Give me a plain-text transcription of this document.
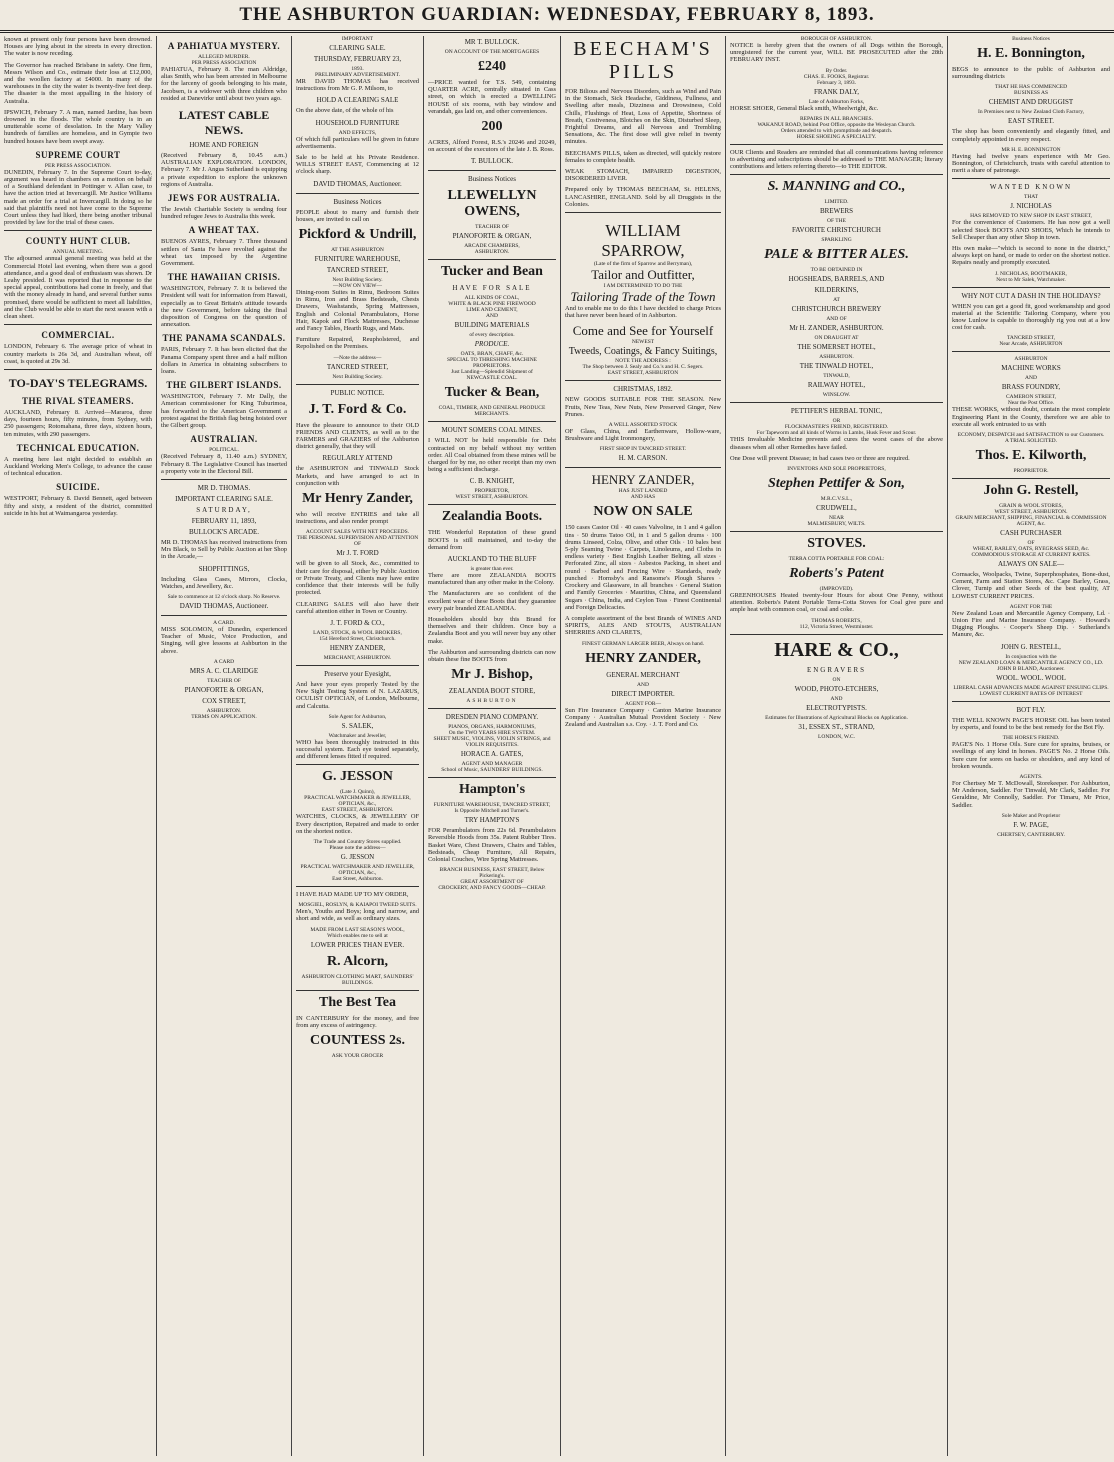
THE ASHBURTON GUARDIAN: WEDNESDAY, FEBRUARY 8, 1893.

known at present only four persons have been drowned. Houses are lying about in the streets in every direction. The water is now receding.

The Governor has reached Brisbane in safety. One firm, Messrs Wilson and Co., estimate their loss at £12,000, and the woollen factory at £4000. In many of the warehouses in the city the water is twenty-five feet deep. The disaster is the most appalling in the history of Australia.

IPSWICH, February 7. A man, named Jardine, has been drowned in the floods. The whole country is in an unutterable scene of desolation. In the Mary Valley hundreds of families are homeless, and in Gympie two hundred houses have been swept away.

SUPREME COURT
PER PRESS ASSOCIATION.

DUNEDIN, February 7. In the Supreme Court to-day, argument was heard in chambers on a motion on behalf of a Southland defendant in Pottinger v. Allan case, to have the action tried at Invercargill. Mr Justice Williams made an order for a trial at Invercargill. In doing so he said that plaintiffs need not have come to the Supreme Court unless they had liked, there being another tribunal provided by law for the trial of these cases.

COUNTY HUNT CLUB.
ANNUAL MEETING.

The adjourned annual general meeting was held at the Commercial Hotel last evening, when there was a good attendance, and a good deal of enthusiasm was shown. Dr Leahy presided. It was reported that in response to the special appeal, contributions had come in freely, and that with the money already in hand, and several further sums promised, there would be sufficient to meet all liabilities, and the Club would be able to start the next season with a clean sheet.

COMMERCIAL.

LONDON, February 6. The average price of wheat in country markets is 26s 3d, and Australian wheat, off coast, is quoted at 29s 3d.

TO-DAY'S TELEGRAMS.
THE RIVAL STEAMERS.

AUCKLAND, February 8. Arrived—Mararoa, three days, fourteen hours, fifty minutes, from Sydney, with 250 passengers; Rotomahana, three days, sixteen hours, ten minutes, with 290 passengers.

TECHNICAL EDUCATION.

A meeting here last night decided to establish an Auckland Working Men's College, to advance the cause of technical education.

SUICIDE.

WESTPORT, February 8. David Bennett, aged between fifty and sixty, a resident of the district, committed suicide in his hut at Waimangaroa yesterday.

A PAHIATUA MYSTERY.
ALLEGED MURDER.
PER PRESS ASSOCIATION

PAHIATUA, February 8. The man Aldridge, alias Smith, who has been arrested in Melbourne for the larceny of goods belonging to his mate, Jacobsen, is a widower with three children who resided at Danevirke until about two years ago.

LATEST CABLE NEWS.
HOME AND FOREIGN

(Received February 8, 10.45 a.m.) AUSTRALIAN EXPLORATION. LONDON, February 7. Mr J. Angus Sutherland is equipping a private expedition to explore the unknown regions of Australia.

JEWS FOR AUSTRALIA.

The Jewish Charitable Society is sending four hundred refugee Jews to Australia this week.

A WHEAT TAX.

BUENOS AYRES, February 7. Three thousand settlers of Santa Fe have revolted against the wheat tax imposed by the Argentine Government.

THE HAWAIIAN CRISIS.

WASHINGTON, February 7. It is believed the President will wait for information from Hawaii, especially as to Great Britain's attitude towards the new Government, before taking the final disposition of Congress on the question of annexation.

THE PANAMA SCANDALS.

PARIS, February 7. It has been elicited that the Panama Company spent three and a half million dollars in America in obtaining subscribers to loans.

THE GILBERT ISLANDS.

WASHINGTON, February 7. Mr Dally, the American commissioner for King Tuburimoa, has forwarded to the American Government a protest against the British flag being hoisted over the Gilbert group.

AUSTRALIAN.
POLITICAL.

(Received February 8, 11.40 a.m.) SYDNEY, February 8. The Legislative Council has inserted a property vote in the Electoral Bill.

MR D. THOMAS.
IMPORTANT CLEARING SALE.
SATURDAY,
FEBRUARY 11, 1893,
BULLOCK'S ARCADE.

MR D. THOMAS has received instructions from Mrs Black, to Sell by Public Auction at her Shop in the Arcade,—

SHOPFITTINGS,

Including Glass Cases, Mirrors, Clocks, Watches, and Jewellery, &c.

Sale to commence at 12 o'clock sharp. No Reserve.
DAVID THOMAS, Auctioneer.
A CARD.

MISS SOLOMON, of Dunedin, experienced Teacher of Music, Voice Production, and Singing, will give lessons at Ashburton in the above.

A CARD
MRS A. C. CLARIDGE
TEACHER OF
PIANOFORTE & ORGAN,
COX STREET,
ASHBURTON.
TERMS ON APPLICATION.
IMPORTANT
CLEARING SALE.
THURSDAY, FEBRUARY 23,
1893.
PRELIMINARY ADVERTISEMENT.

MR DAVID THOMAS has received instructions from Mr G. P. Milsom, to

HOLD A CLEARING SALE

On the above date, of the whole of his

HOUSEHOLD FURNITURE
AND EFFECTS,

Of which full particulars will be given in future advertisements.

Sale to be held at his Private Residence. WILLS STREET EAST, Commencing at 12 o'clock sharp.

DAVID THOMAS, Auctioneer.
Business Notices

PEOPLE about to marry and furnish their houses, are invited to call on

Pickford & Undrill,
AT THE ASHBURTON
FURNITURE WAREHOUSE,
TANCRED STREET,
Next Building Society.
—NOW ON VIEW—

Dining-room Suites in Rimu, Bedroom Suites in Rimu, Iron and Brass Bedsteads, Chests Drawers, Washstands, Spring Mattresses, English and Colonial Perambulators, Horse Hair, Kapok and Flock Mattresses, Duchesse and Fancy Tables, Hearth Rugs, and Mats.

Furniture Repaired, Reupholstered, and Repolished on the Premises.

—Note the address—
TANCRED STREET,
Next Building Society.
PUBLIC NOTICE.
J. T. Ford & Co.

Have the pleasure to announce to their OLD FRIENDS AND CLIENTS, as well as to the FARMERS and GRAZIERS of the Ashburton district generally, that they will

REGULARLY ATTEND

the ASHBURTON and TINWALD Stock Markets, and have arranged to act in conjunction with

Mr Henry Zander,

who will receive ENTRIES and take all instructions, and also render prompt

ACCOUNT SALES WITH NET PROCEEDS.
THE PERSONAL SUPERVISION AND ATTENTION OF
Mr J. T. FORD

will be given to all Stock, &c., committed to their care for disposal, either by Public Auction or Private Treaty, and Clients may have entire confidence that their interests will be fully protected.

CLEARING SALES will also have their careful attention either in Town or Country.

J. T. FORD & CO.,
LAND, STOCK, & WOOL BROKERS,
154 Hereford Street, Christchurch.
HENRY ZANDER,
MERCHANT, ASHBURTON.
Preserve your Eyesight,

And have your eyes properly Tested by the New Sight Testing System of N. LAZARUS, OCULIST OPTICIAN, of London, Melbourne, and Calcutta.

Sole Agent for Ashburton,
S. SALEK,
Watchmaker and Jeweller,

WHO has been thoroughly instructed in this successful system. Each eye tested separately, and different lenses fitted if required.

G. JESSON
(Late J. Quinn),
PRACTICAL WATCHMAKER & JEWELLER, OPTICIAN, &c.,
EAST STREET, ASHBURTON.

WATCHES, CLOCKS, & JEWELLERY OF Every description, Repaired and made to order on the shortest notice.

The Trade and Country Stores supplied.
Please note the address—
G. JESSON
PRACTICAL WATCHMAKER AND JEWELLER, OPTICIAN, &c.,
East Street, Ashburton.

I HAVE HAD MADE UP TO MY ORDER,

MOSGIEL, ROSLYN, & KAIAPOI TWEED SUITS.

Men's, Youths and Boys; long and narrow, and short and wide, as well as ordinary sizes.

MADE FROM LAST SEASON'S WOOL,
Which enables me to sell at
LOWER PRICES THAN EVER.
R. Alcorn,
ASHBURTON CLOTHING MART, SAUNDERS' BUILDINGS.
The Best Tea

IN CANTERBURY for the money, and free from any excess of astringency.

COUNTESS 2s.
ASK YOUR GROCER
MR T. BULLOCK.
ON ACCOUNT OF THE MORTGAGEES
£240

—PRICE wanted for T.S. 549, containing QUARTER ACRE, centrally situated in Cass street, on which is erected a DWELLING HOUSE of six rooms, with bay window and verandah, gas laid on, and other conveniences.

200

ACRES, Alford Forest, R.S.'s 20246 and 20249, on account of the executors of the late J. B. Ross.

T. BULLOCK.
Business Notices
LLEWELLYN OWENS,
TEACHER OF
PIANOFORTE & ORGAN,
ARCADE CHAMBERS,
ASHBURTON.
Tucker and Bean
HAVE FOR SALE
ALL KINDS OF COAL,
WHITE & BLACK PINE FIREWOOD
LIME AND CEMENT,
AND
BUILDING MATERIALS
of every description.
PRODUCE.
OATS, BRAN, CHAFF, &c.
SPECIAL TO THRESHING MACHINE PROPRIETORS.
Just Landing—Splendid Shipment of
NEWCASTLE COAL.
Tucker & Bean,
COAL, TIMBER, AND GENERAL PRODUCE MERCHANTS.
MOUNT SOMERS COAL MINES.

I WILL NOT be held responsible for Debt contracted on my behalf without my written order. All Coal obtained from these mines will be charged for by me, no other receipt than my own being a sufficient discharge.

C. B. KNIGHT,
PROPRIETOR,
WEST STREET, ASHBURTON.
Zealandia Boots.

THE Wonderful Reputation of these grand BOOTS is still maintained, and to-day the demand from

AUCKLAND TO THE BLUFF
is greater than ever.

There are more ZEALANDIA BOOTS manufactured than any other make in the Colony.

The Manufacturers are so confident of the excellent wear of these Boots that they guarantee every pair branded ZEALANDIA.

Householders should buy this Brand for themselves and their children. Once buy a Zealandia Boot and you will never buy any other make.

The Ashburton and surrounding districts can now obtain these fine BOOTS from

Mr J. Bishop,
ZEALANDIA BOOT STORE,
ASHBURTON
DRESDEN PIANO COMPANY.
PIANOS, ORGANS, HARMONIUMS,
On the TWO YEARS HIRE SYSTEM.
SHEET MUSIC, VIOLINS, VIOLIN STRINGS, and VIOLIN REQUISITES.
HORACE A. GATES,
AGENT AND MANAGER
School of Music, SAUNDERS' BUILDINGS.
Hampton's
FURNITURE WAREHOUSE, TANCRED STREET,
Is Opposite Mitchell and Turner's.
TRY HAMPTON'S

FOR Perambulators from 22s 6d. Perambulators Reversible Hoods from 35s. Patent Rubber Tires. Basket Ware, Chest Drawers, Chairs and Tables, Bedsteads, Cheap Furniture, All Repairs, Colonial Couches, Wire Spring Mattresses.

BRANCH BUSINESS, EAST STREET, Below Pickering's.
GREAT ASSORTMENT OF
CROCKERY, AND FANCY GOODS—CHEAP.
BEECHAM'S PILLS

FOR Bilious and Nervous Disorders, such as Wind and Pain in the Stomach, Sick Headache, Giddiness, Fullness, and Swelling after meals, Dizziness and Drowsiness, Cold Chills, Flushings of Heat, Loss of Appetite, Shortness of Breath, Costiveness, Blotches on the Skin, Disturbed Sleep, Frightful Dreams, and all Nervous and Trembling Sensations, &c. The first dose will give relief in twenty minutes.

BEECHAM'S PILLS, taken as directed, will quickly restore females to complete health.

WEAK STOMACH, IMPAIRED DIGESTION, DISORDERED LIVER.

Prepared only by THOMAS BEECHAM, St. HELENS, LANCASHIRE, ENGLAND. Sold by all Druggists in the Colonies.

WILLIAM SPARROW,
(Late of the firm of Sparrow and Berryman),
Tailor and Outfitter,
I AM DETERMINED TO DO THE
Tailoring Trade of the Town

And to enable me to do this I have decided to charge Prices that have never been heard of in Ashburton.

Come and See for Yourself
NEWEST
Tweeds, Coatings, & Fancy Suitings,
NOTE THE ADDRESS :
The Shop between J. Sealy and Co.'s and H. C. Segers.
EAST STREET, ASHBURTON
CHRISTMAS, 1892.

NEW GOODS SUITABLE FOR THE SEASON. New Fruits, New Teas, New Nuts, New Preserved Ginger, New Prunes.

A WELL ASSORTED STOCK

OF Glass, China, and Earthenware, Hollow-ware, Brushware and Light Ironmongery,

FIRST SHOP IN TANCRED STREET.
H. M. CARSON.
HENRY ZANDER,
HAS JUST LANDED
AND HAS
NOW ON SALE

150 cases Castor Oil · 40 cases Valvoline, in 1 and 4 gallon tins · 50 drums Tatoo Oil, in 1 and 5 gallon drums · 100 drums Linseed, Colza, Olive, and other Oils · 10 bales best 5-ply Seaming Twine · Carpets, Linoleums, and Cloths in endless variety · Best English Leather Belting, all sizes · Perforated Zinc, all sizes · Asbestos Packing, in sheet and round · Barbed and Fencing Wire · Standards, ready punched · Hornsby's and Ransome's Plough Shares · Crockery and Glassware, in all branches · General Station and Family Groceries · Mauritius, China, and Queensland Sugars · China, India, and Ceylon Teas · Finest Continental and Foreign Delicacies.

A complete assortment of the best Brands of WINES AND SPIRITS, ALES AND STOUTS, AUSTRALIAN SHERRIES AND CLARETS,

FINEST GERMAN LARGER BEER, Always on hand.
HENRY ZANDER,
GENERAL MERCHANT
AND
DIRECT IMPORTER.
AGENT FOR—

Sun Fire Insurance Company · Canton Marine Insurance Company · Australian Mutual Provident Society · New Zealand and Australian s.s. Coy. · J. T. Ford and Co.

BOROUGH OF ASHBURTON.

NOTICE is hereby given that the owners of all Dogs within the Borough, unregistered for the current year, WILL BE PROSECUTED after the 28th FEBRUARY INST.

By Order.
CHAS. E. FOOKS, Registrar.
February 3, 1893.
FRANK DALY,
Late of Ashburton Forks,

HORSE SHOER, General Black smith, Wheelwright, &c.

REPAIRS IN ALL BRANCHES.
WAKANUI ROAD, behind Post Office, opposite the Wesleyan Church.
Orders attended to with promptitude and despatch.
HORSE SHOEING A SPECIALTY.

OUR Clients and Readers are reminded that all communications having reference to advertising and subscriptions should be addressed to THE MANAGER; literary contributions and letters referring thereto—to THE EDITOR.

S. MANNING and CO.,
LIMITED.
BREWERS
OF THE
FAVORITE CHRISTCHURCH
SPARKLING
PALE & BITTER ALES.
TO BE OBTAINED IN
HOGSHEADS, BARRELS, AND
KILDERKINS,
AT
CHRISTCHURCH BREWERY
AND OF
Mr H. ZANDER, ASHBURTON.
ON DRAUGHT AT
THE SOMERSET HOTEL,
ASHBURTON.
THE TINWALD HOTEL,
TINWALD,
RAILWAY HOTEL,
WINSLOW.
PETTIFER'S HERBAL TONIC,
OR
FLOCKMASTER'S FRIEND, REGISTERED.
For Tapeworm and all kinds of Worms in Lambs, Husk Fever and Scour.

THIS Invaluable Medicine prevents and cures the worst cases of the above diseases when all other Remedies have failed.

One Dose will prevent Disease; in bad cases two or three are required.

INVENTORS AND SOLE PROPRIETORS,
Stephen Pettifer & Son,
M.R.C.V.S.L.,
CRUDWELL,
NEAR
MALMESBURY, WILTS.
STOVES.
TERRA COTTA PORTABLE FOR COAL:
Roberts's Patent
(IMPROVED).

GREENHOUSES Heated twenty-four Hours for about One Penny, without attention. Roberts's Patent Portable Terra-Cotta Stoves for Coal give pure and ample heat with common coal, or coal and coke.

THOMAS ROBERTS,
112, Victoria Street, Westminster.
HARE & CO.,
ENGRAVERS
ON
WOOD, PHOTO-ETCHERS,
AND
ELECTROTYPISTS.
Estimates for Illustrations of Agricultural Blocks on Application.
31, ESSEX ST., STRAND,
LONDON, W.C.
Business Notices
H. E. Bonnington,

BEGS to announce to the public of Ashburton and surrounding districts

THAT HE HAS COMMENCED
BUSINESS AS
CHEMIST AND DRUGGIST
In Premises next to New Zealand Cloth Factory,
EAST STREET.

The shop has been conveniently and elegantly fitted, and completely appointed in every respect.

MR H. E. BONNINGTON

Having had twelve years experience with Mr Geo. Bonnington, of Christchurch, trusts with careful attention to merit a share of patronage.

WANTED KNOWN
THAT
J. NICHOLAS
HAS REMOVED TO NEW SHOP IN EAST STREET,

For the convenience of Customers. He has now got a well selected Stock BOOTS AND SHOES, Which he intends to Sell Cheaper than any other Shop in town.

His own make—"which is second to none in the district," always kept on hand, or made to order on the shortest notice. Repairs neatly and promptly executed.

J. NICHOLAS, BOOTMAKER,
Next to Mr Salek, Watchmaker.
WHY NOT CUT A DASH IN THE HOLIDAYS?

WHEN you can get a good fit, good workmanship and good material at the Scientific Tailoring Company, where you know Lunlow is capable to thoroughly rig you out at a low cost for cash.

TANCRED STREET,
Near Arcade, ASHBURTON
ASHBURTON
MACHINE WORKS
AND
BRASS FOUNDRY,
CAMERON STREET,
Near the Post Office.

THESE WORKS, without doubt, contain the most complete Engineering Plant in the County, therefore we are able to execute all work entrusted to us with

ECONOMY, DESPATCH and SATISFACTION to our Customers.
A TRIAL SOLICITED.
Thos. E. Kilworth,
PROPRIETOR.
John G. Restell,
GRAIN & WOOL STORES,
WEST STREET, ASHBURTON.
GRAIN MERCHANT, SHIPPING, FINANCIAL & COMMISSION AGENT, &c.
CASH PURCHASER
OF
WHEAT, BARLEY, OATS, RYEGRASS SEED, &c.
COMMODIOUS STORAGE AT CURRENT RATES.
ALWAYS ON SALE—

Cornsacks, Woolpacks, Twine, Superphosphates, Bone-dust, Cement, Farm and Station Stores, &c. Cape Barley, Grass, Clover, Turnip and other Seeds of the best quality, AT LOWEST CURRENT PRICES.

AGENT FOR THE

New Zealand Loan and Mercantile Agency Company, Ld. · Union Fire and Marine Insurance Company. · Howard's Digging Ploughs. · Cooper's Sheep Dip. · Sutherland's Manure, &c.

JOHN G. RESTELL,
In conjunction with the
NEW ZEALAND LOAN & MERCANTILE AGENCY CO., LD.
JOHN B BLAND, Auctioneer.
WOOL. WOOL. WOOL
LIBERAL CASH ADVANCES MADE AGAINST ENSUING CLIPS.
LOWEST CURRENT RATES OF INTEREST
BOT FLY.

THE WELL KNOWN PAGE'S HORSE OIL has been tested by experts, and found to be the best remedy for the Bot Fly.

THE HORSE'S FRIEND.

PAGE'S No. 1 Horse Oils. Sure cure for sprains, bruises, or swellings of any kind in horses. PAGE'S No. 2 Horse Oils. Sure cure for sores on backs or shoulders, and any kind of broken wounds.

AGENTS.

For Chertsey Mr T. McDowall, Storekeeper. For Ashburton, Mr Anderson, Saddler. For Tinwald, Mr Clark, Saddler. For Geraldine, Mr Connolly, Saddler. For Timaru, Mr Price, Saddler.

Sole Maker and Proprietor
F. W. PAGE,
CHERTSEY, CANTERBURY.
